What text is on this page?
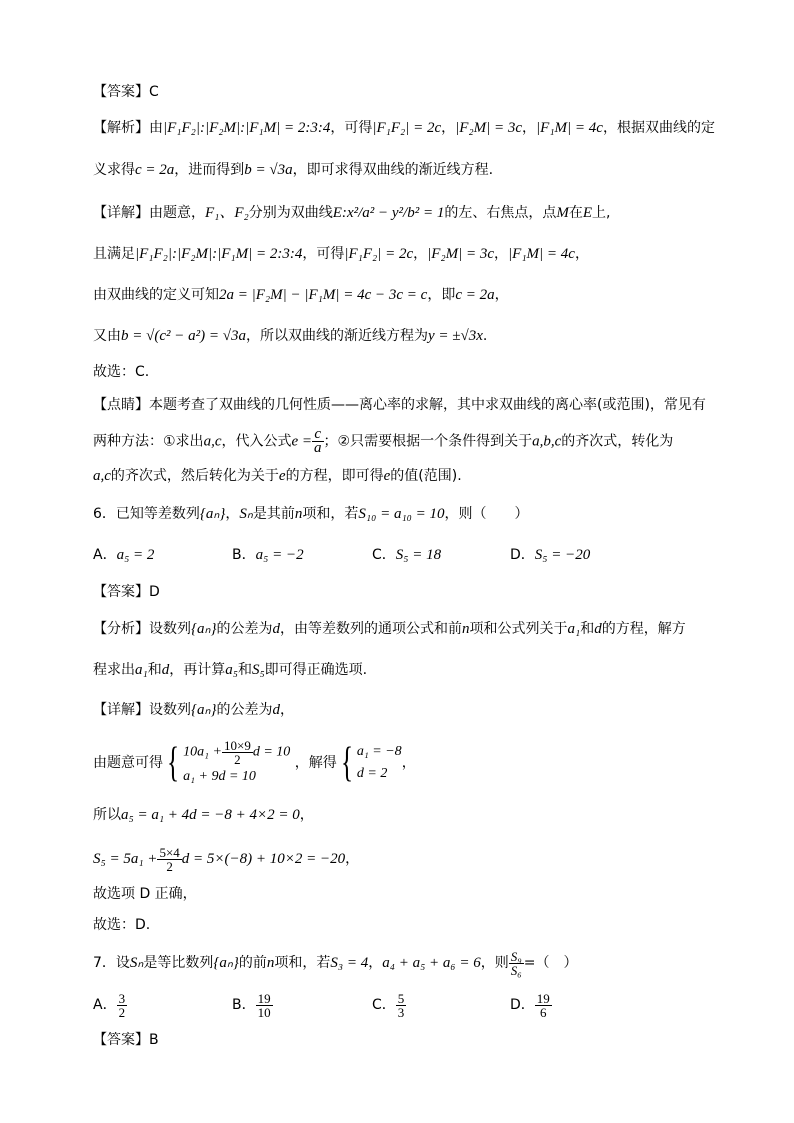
【答案】C
【解析】由|F₁F₂|:|F₂M|:|F₁M| = 2:3:4，可得|F₁F₂| = 2c，|F₂M| = 3c，|F₁M| = 4c，根据双曲线的定
义求得c = 2a，进而得到b = √3a，即可求得双曲线的渐近线方程.
【详解】由题意，F₁、F₂分别为双曲线E:x²/a² − y²/b² = 1的左、右焦点，点M在E上,
且满足|F₁F₂|:|F₂M|:|F₁M| = 2:3:4，可得|F₁F₂| = 2c，|F₂M| = 3c，|F₁M| = 4c，
由双曲线的定义可知2a = |F₂M| − |F₁M| = 4c − 3c = c，即c = 2a，
又由b = √(c² − a²) = √3a，所以双曲线的渐近线方程为y = ±√3x.
故选：C.
【点睛】本题考查了双曲线的几何性质——离心率的求解，其中求双曲线的离心率(或范围)，常见有
两种方法：①求出a,c，代入公式$e = \frac{c}{a}$ ；②只需要根据一个条件得到关于a,b,c的齐次式，转化为
a,c的齐次式，然后转化为关于e的方程，即可得e的值(范围).
6．已知等差数列{aₙ}，Sₙ是其前n项和，若S₁₀ = a₁₀ = 10，则（　　）
A．a₅ = 2	B．a₅ = −2	C．S₅ = 18	D．S₅ = −20
【答案】D
【分析】设数列{aₙ}的公差为d，由等差数列的通项公式和前n项和公式列关于a₁和d的方程，解方
程求出a₁和d，再计算a₅和S₅即可得正确选项.
【详解】设数列{aₙ}的公差为d，
由题意可得{ $10a_1 + \frac{10\times 9}{2}$ d = 10
a₁ + 9d = 10
，解得{ a₁ = −8
d = 2
，
所以a₅ = a₁ + 4d = −8 + 4×2 = 0，
$S_5 = 5a_1 + \frac{5\times 4}{2}$ d = 5×(−8) + 10×2 = −20，
故选项 D 正确，
故选：D.
7．设Sₙ是等比数列{aₙ}的前n项和，若S₃ = 4，a₄ + a₅ + a₆ = 6，则 $\frac{\text{S₉}}{\text{S₆}}$ =（　）
A． $\frac{3}{2}$	B． $\frac{19}{10}$	C． $\frac{5}{3}$	D． $\frac{19}{6}$
【答案】B
